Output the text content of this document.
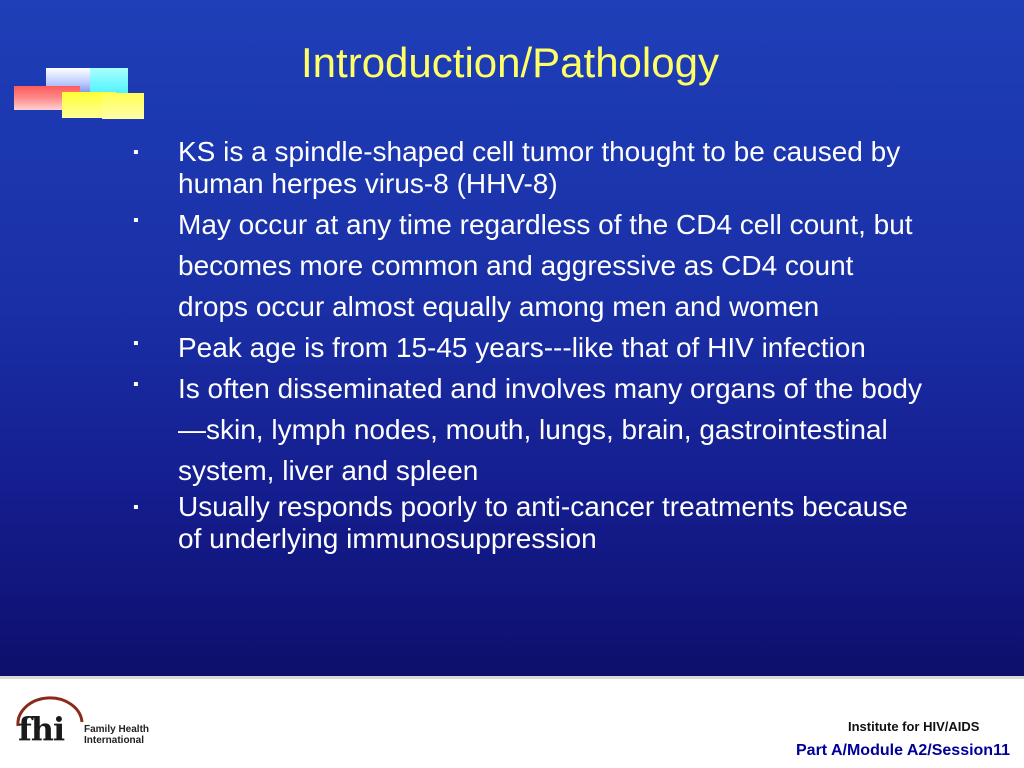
Introduction/Pathology
▪ KS is a spindle-shaped cell tumor thought to be caused by human herpes virus-8 (HHV-8)
▪ May occur at any time regardless of the CD4 cell count, but becomes more common and aggressive as CD4 count drops occur almost equally among men and women
▪ Peak age is from 15-45 years---like that of HIV infection
▪ Is often disseminated and involves many organs of the body—skin, lymph nodes, mouth, lungs, brain, gastrointestinal system, liver and spleen
▪ Usually responds poorly to anti-cancer treatments because of underlying immunosuppression
fhi Family Health
International
Institute for HIV/AIDS
Part A/Module A2/Session11
